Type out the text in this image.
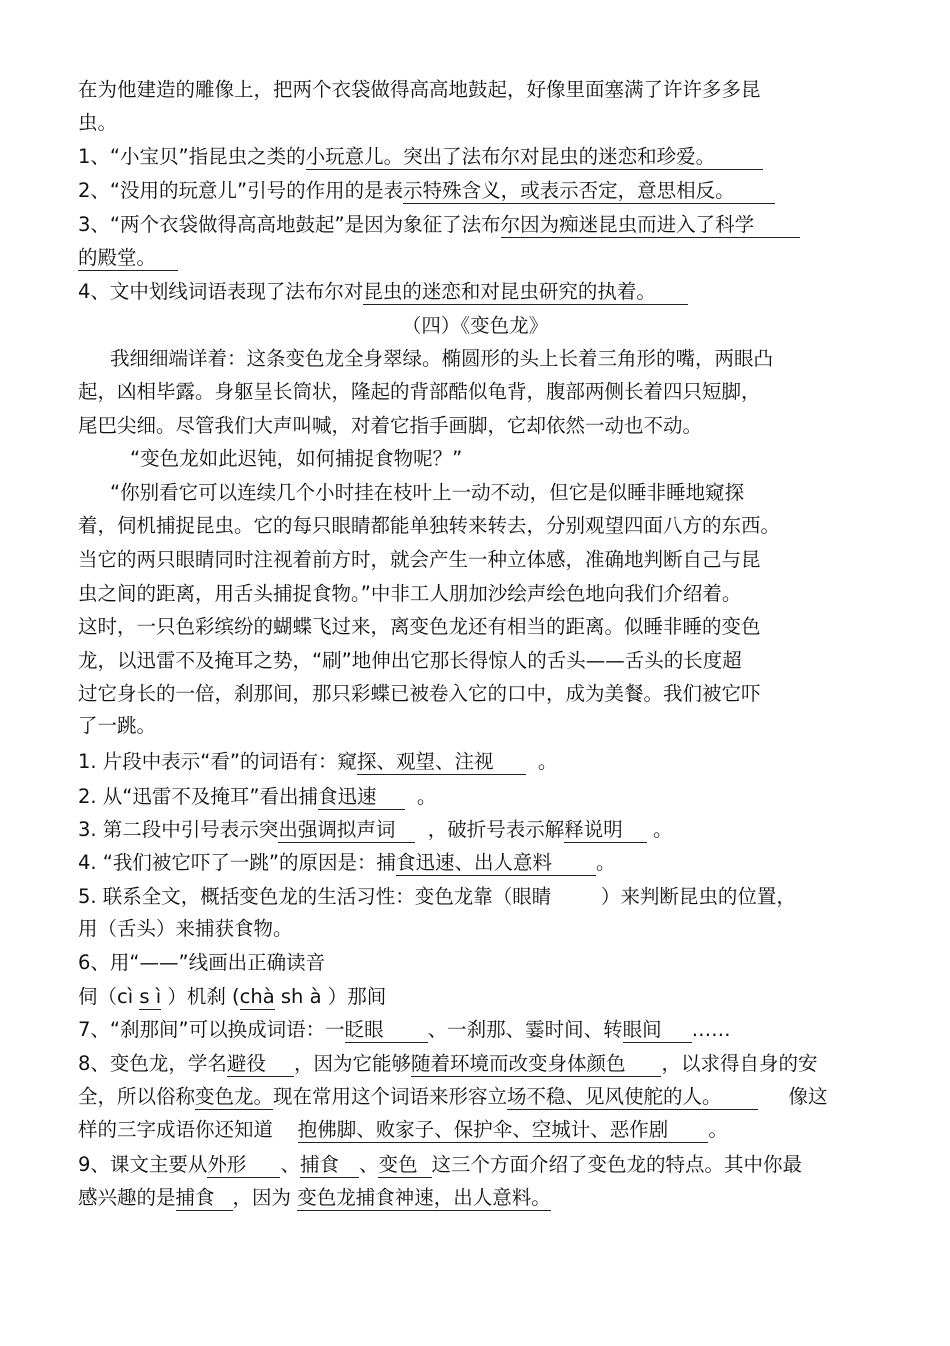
在为他建造的雕像上，把两个衣袋做得高高地鼓起，好像里面塞满了许许多多昆
虫。
1、“小宝贝”指昆虫之类的小玩意儿。突出了法布尔对昆虫的迷恋和珍爱。
2、“没用的玩意儿”引号的作用的是表示特殊含义，或表示否定，意思相反。
3、“两个衣袋做得高高地鼓起”是因为象征了法布尔因为痴迷昆虫而进入了科学
的殿堂。
4、文中划线词语表现了法布尔对昆虫的迷恋和对昆虫研究的执着。
（四）《变色龙》
我细细端详着：这条变色龙全身翠绿。椭圆形的头上长着三角形的嘴，两眼凸
起，凶相毕露。身躯呈长筒状，隆起的背部酷似龟背，腹部两侧长着四只短脚，
尾巴尖细。尽管我们大声叫喊，对着它指手画脚，它却依然一动也不动。
“变色龙如此迟钝，如何捕捉食物呢？”
“你别看它可以连续几个小时挂在枝叶上一动不动，但它是似睡非睡地窥探
着，伺机捕捉昆虫。它的每只眼睛都能单独转来转去，分别观望四面八方的东西。
当它的两只眼睛同时注视着前方时，就会产生一种立体感，准确地判断自己与昆
虫之间的距离，用舌头捕捉食物。”中非工人朋加沙绘声绘色地向我们介绍着。
这时，一只色彩缤纷的蝴蝶飞过来，离变色龙还有相当的距离。似睡非睡的变色
龙，以迅雷不及掩耳之势，“刷”地伸出它那长得惊人的舌头——舌头的长度超
过它身长的一倍，刹那间，那只彩蝶已被卷入它的口中，成为美餐。我们被它吓
了一跳。
1. 片段中表示“看”的词语有：窥探、观望、注视  。
2. 从“迅雷不及掩耳”看出捕食迅速  。
3. 第二段中引号表示突出强调拟声词  ，破折号表示解释说明 。
4. “我们被它吓了一跳”的原因是：捕食迅速、出人意料 。
5. 联系全文，概括变色龙的生活习性：变色龙靠（眼睛        ）来判断昆虫的位置，
用（舌头）来捕获食物。
6、用“——”线画出正确读音
伺（cì s ì ）机刹 (chà sh à ）那间
7、“刹那间”可以换成词语：一眨眼 、一刹那、霎时间、转眼间 ……
8、变色龙，学名避役 ，因为它能够随着环境而改变身体颜色 ，以求得自身的安
全，所以俗称变色龙。现在常用这个词语来形容立场不稳、见风使舵的人。     像这
样的三字成语你还知道    抱佛脚、败家子、保护伞、空城计、恶作剧 。
9、课文主要从外形 、捕食 、变色 这三个方面介绍了变色龙的特点。其中你最
感兴趣的是捕食 ，因为 变色龙捕食神速，出人意料。
